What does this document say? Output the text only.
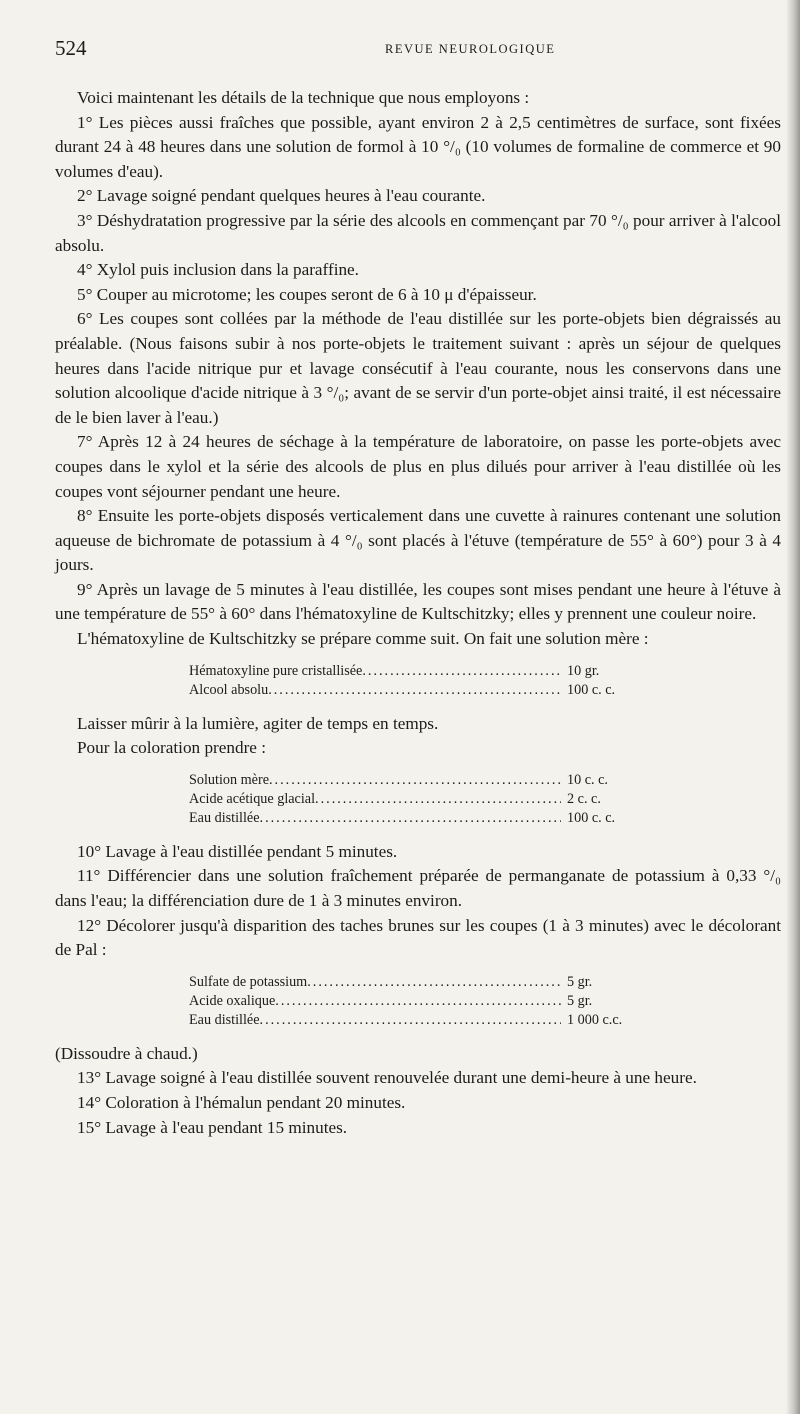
524	REVUE NEUROLOGIQUE

Voici maintenant les détails de la technique que nous employons :

1° Les pièces aussi fraîches que possible, ayant environ 2 à 2,5 centimètres de surface, sont fixées durant 24 à 48 heures dans une solution de formol à 10 °/₀ (10 volumes de formaline de commerce et 90 volumes d'eau).

2° Lavage soigné pendant quelques heures à l'eau courante.

3° Déshydratation progressive par la série des alcools en commençant par 70 °/₀ pour arriver à l'alcool absolu.

4° Xylol puis inclusion dans la paraffine.

5° Couper au microtome; les coupes seront de 6 à 10 μ d'épaisseur.

6° Les coupes sont collées par la méthode de l'eau distillée sur les porte-objets bien dégraissés au préalable. (Nous faisons subir à nos porte-objets le traitement suivant : après un séjour de quelques heures dans l'acide nitrique pur et lavage consécutif à l'eau courante, nous les conservons dans une solution alcoolique d'acide nitrique à 3 °/₀; avant de se servir d'un porte-objet ainsi traité, il est nécessaire de le bien laver à l'eau.)

7° Après 12 à 24 heures de séchage à la température de laboratoire, on passe les porte-objets avec coupes dans le xylol et la série des alcools de plus en plus dilués pour arriver à l'eau distillée où les coupes vont séjourner pendant une heure.

8° Ensuite les porte-objets disposés verticalement dans une cuvette à rainures contenant une solution aqueuse de bichromate de potassium à 4 °/₀ sont placés à l'étuve (température de 55° à 60°) pour 3 à 4 jours.

9° Après un lavage de 5 minutes à l'eau distillée, les coupes sont mises pendant une heure à l'étuve à une température de 55° à 60° dans l'hématoxyline de Kultschitzky; elles y prennent une couleur noire.

L'hématoxyline de Kultschitzky se prépare comme suit. On fait une solution mère :

Hématoxyline pure cristallisée .....	10 gr.
Alcool absolu .....	100 c. c.

Laisser mûrir à la lumière, agiter de temps en temps.

Pour la coloration prendre :

Solution mère .....	10 c. c.
Acide acétique glacial .....	2 c. c.
Eau distillée .....	100 c. c.

10° Lavage à l'eau distillée pendant 5 minutes.

11° Différencier dans une solution fraîchement préparée de permanganate de potassium à 0,33 °/₀ dans l'eau; la différenciation dure de 1 à 3 minutes environ.

12° Décolorer jusqu'à disparition des taches brunes sur les coupes (1 à 3 minutes) avec le décolorant de Pal :

Sulfate de potassium .....	5 gr.
Acide oxalique .....	5 gr.
Eau distillée .....	1 000 c.c.

(Dissoudre à chaud.)

13° Lavage soigné à l'eau distillée souvent renouvelée durant une demi-heure à une heure.

14° Coloration à l'hémalun pendant 20 minutes.

15° Lavage à l'eau pendant 15 minutes.
